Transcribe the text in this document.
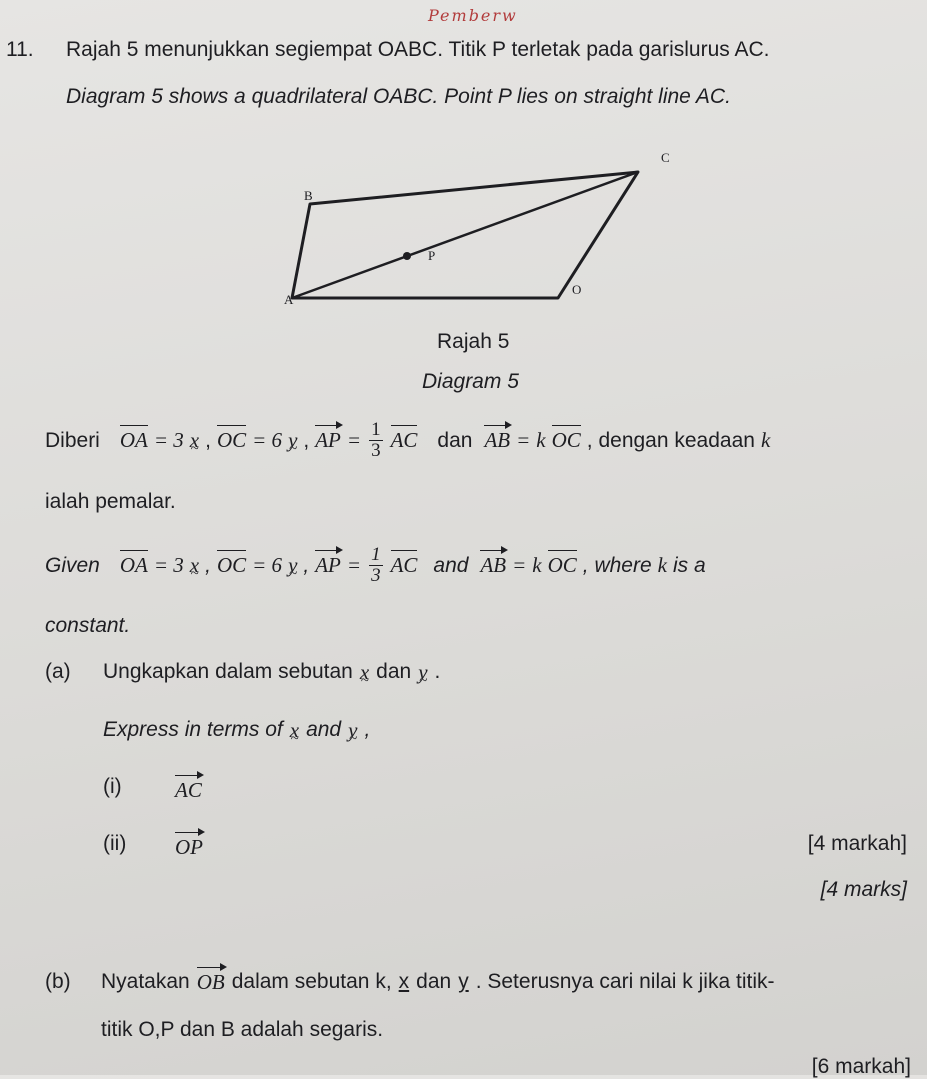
Pemberw
11. Rajah 5 menunjukkan segiempat OABC. Titik P terletak pada garislurus AC.
Diagram 5 shows a quadrilateral OABC. Point P lies on straight line AC.
C
B
P
A
O
Rajah 5
Diagram 5
Diberi OA = 3 x ~ , OC = 6 y ~ , AP = $\frac{1}{3}$ AC dan AB = k OC , dengan keadaan k
ialah pemalar.
Given OA = 3 x ~ , OC = 6 y ~ , AP = $\frac{1}{3}$ AC and AB = k OC , where k is a
constant.
(a) Ungkapkan dalam sebutan x ~ dan y ~ .
Express in terms of x ~ and y ~ ,
(i)	AC
(ii) OP	[4 markah]
[4 marks]
(b) Nyatakan OB dalam sebutan k, x dan y . Seterusnya cari nilai k jika titik-
titik O,P dan B adalah segaris.
[6 markah]
